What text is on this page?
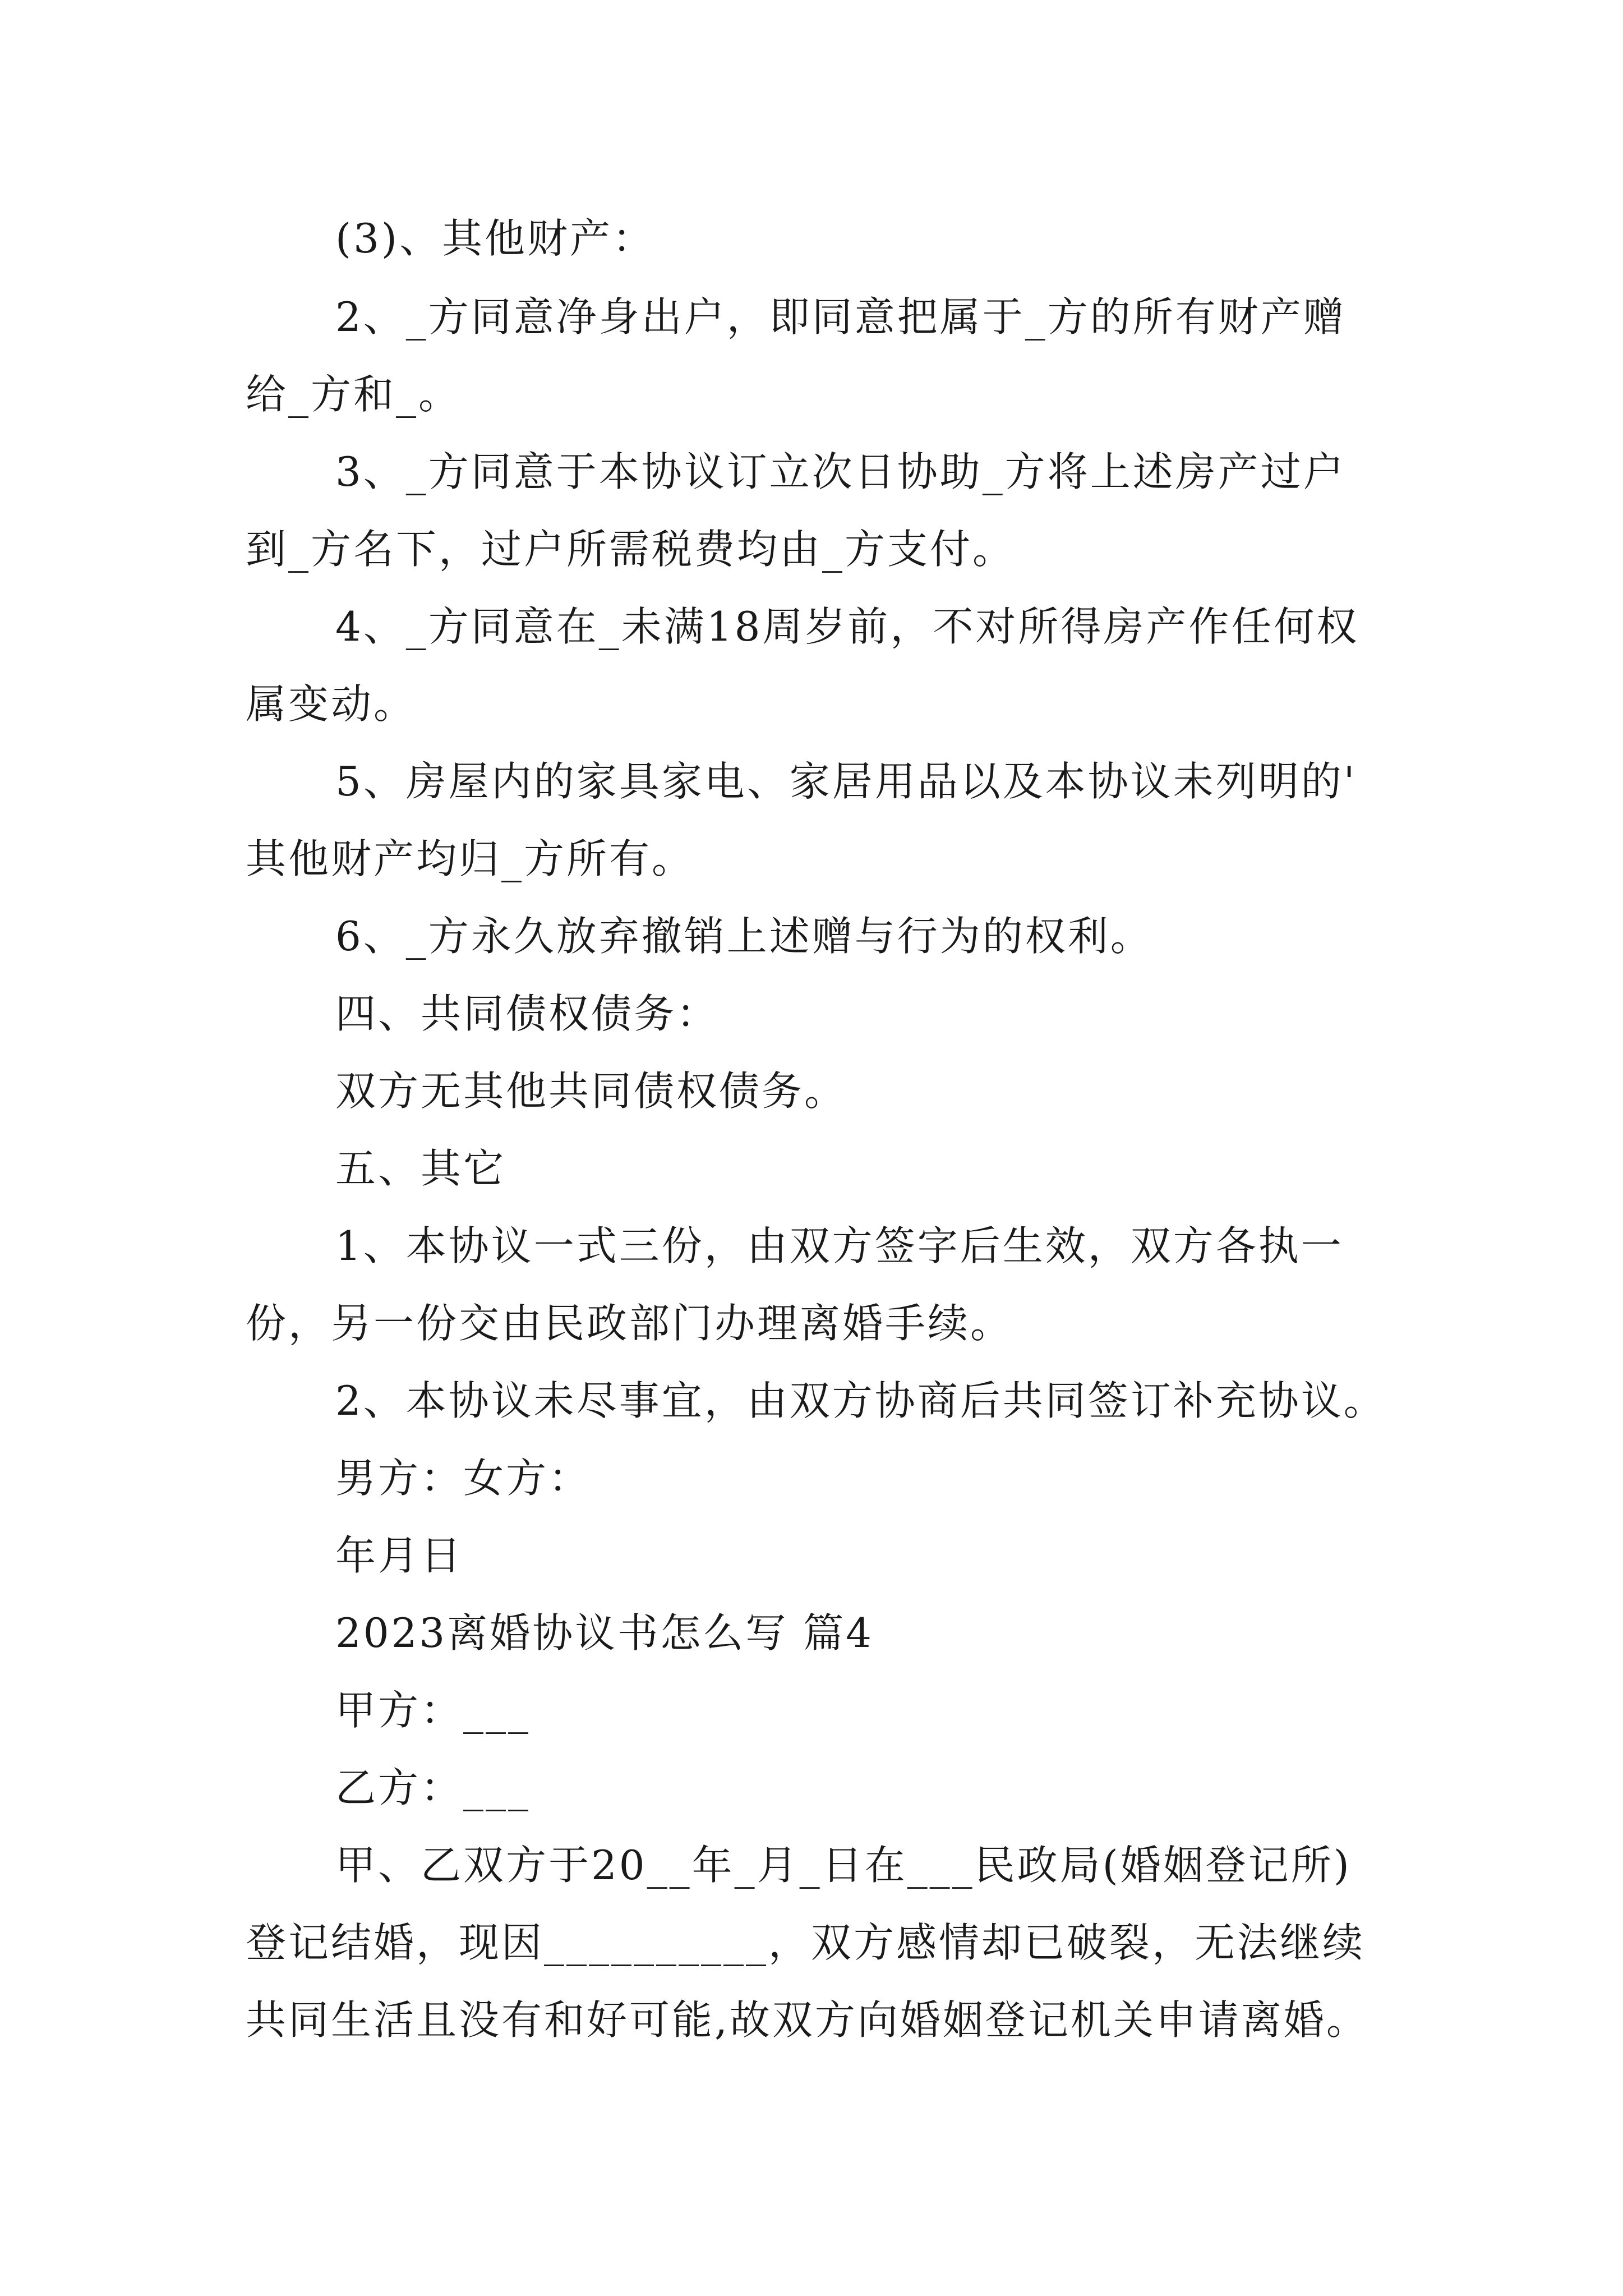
(3)、其他财产：
2、_方同意净身出户，即同意把属于_方的所有财产赠
给_方和_。
3、_方同意于本协议订立次日协助_方将上述房产过户
到_方名下，过户所需税费均由_方支付。
4、_方同意在_未满18周岁前，不对所得房产作任何权
属变动。
5、房屋内的家具家电、家居用品以及本协议未列明的'
其他财产均归_方所有。
6、_方永久放弃撤销上述赠与行为的权利。
四、共同债权债务：
双方无其他共同债权债务。
五、其它
1、本协议一式三份，由双方签字后生效，双方各执一
份，另一份交由民政部门办理离婚手续。
2、本协议未尽事宜，由双方协商后共同签订补充协议。
男方：女方：
年月日
2023离婚协议书怎么写 篇4
甲方：___
乙方：___
甲、乙双方于20__年_月_日在___民政局(婚姻登记所)
登记结婚，现因__________，双方感情却已破裂，无法继续
共同生活且没有和好可能,故双方向婚姻登记机关申请离婚。
